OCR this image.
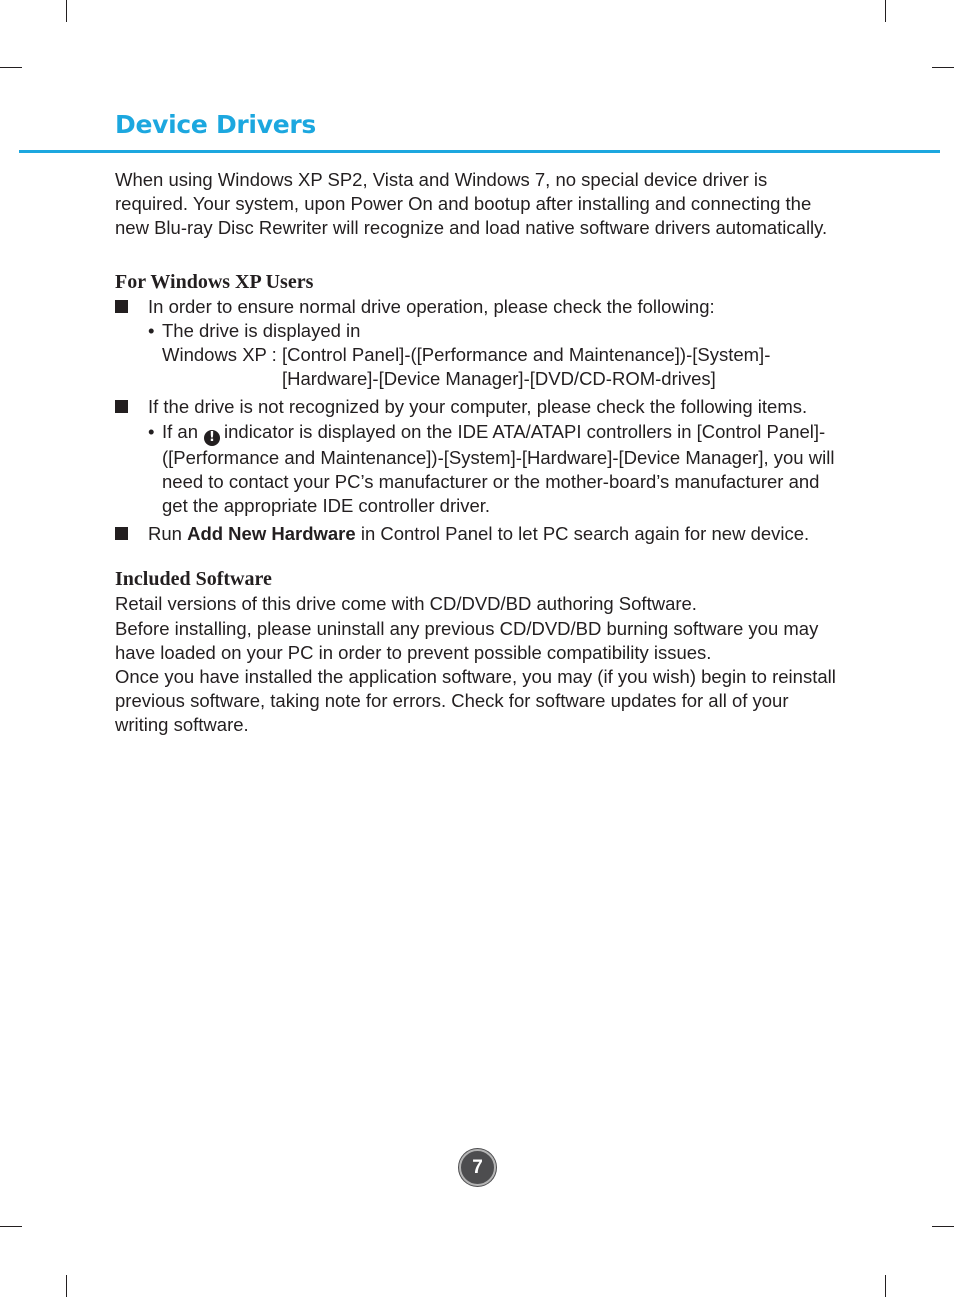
Device Drivers

When using Windows XP SP2, Vista and Windows 7, no special device driver is required. Your system, upon Power On and bootup after installing and connecting the new Blu-ray Disc Rewriter will recognize and load native software drivers automatically.

For Windows XP Users
In order to ensure normal drive operation, please check the following:
• The drive is displayed in
Windows XP : [Control Panel]-([Performance and Maintenance])-[System]-
[Hardware]-[Device Manager]-[DVD/CD-ROM-drives]
If the drive is not recognized by your computer, please check the following items.
• If an ! indicator is displayed on the IDE ATA/ATAPI controllers in [Control Panel]-([Performance and Maintenance])-[System]-[Hardware]-[Device Manager], you will need to contact your PC’s manufacturer or the mother-board’s manufacturer and get the appropriate IDE controller driver.
Run Add New Hardware in Control Panel to let PC search again for new device.
Included Software

Retail versions of this drive come with CD/DVD/BD authoring Software.

Before installing, please uninstall any previous CD/DVD/BD burning software you may have loaded on your PC in order to prevent possible compatibility issues.

Once you have installed the application software, you may (if you wish) begin to reinstall previous software, taking note for errors. Check for software updates for all of your writing software.

7
